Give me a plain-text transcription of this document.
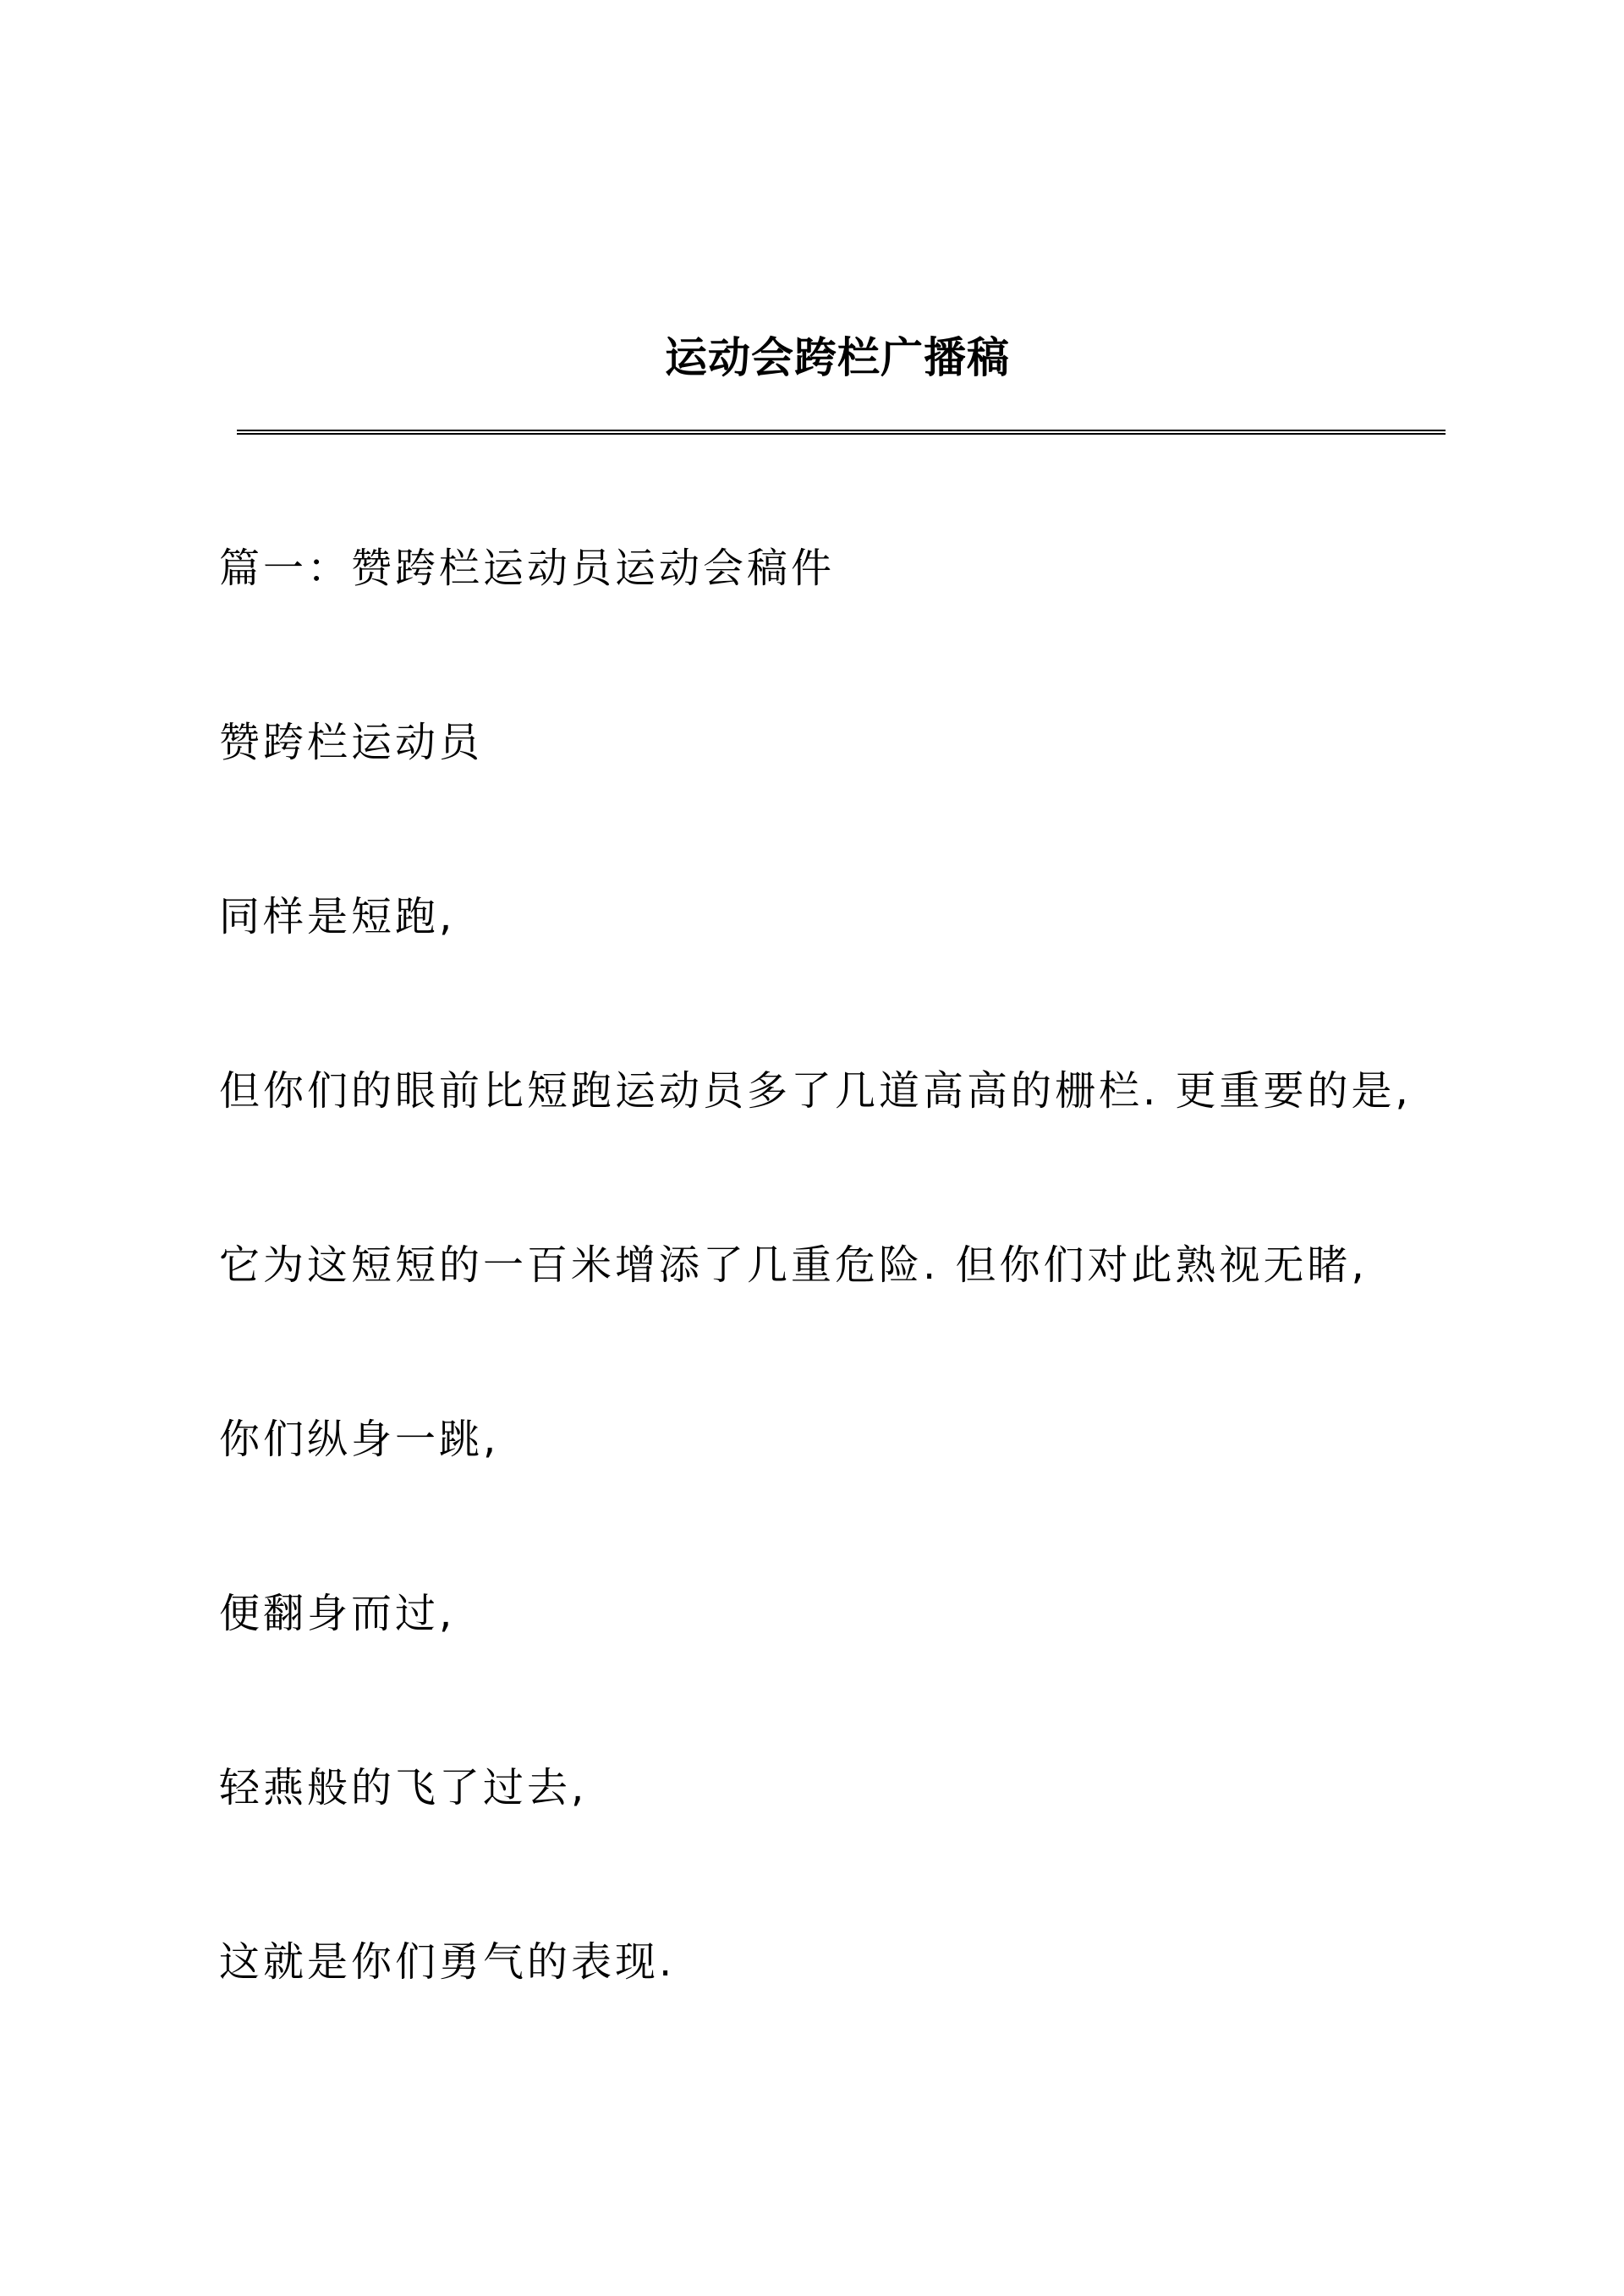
运动会跨栏广播稿

篇一：赞跨栏运动员运动会稿件

赞跨栏运动员

同样是短跑,

但你们的眼前比短跑运动员多了几道高高的栅栏. 更重要的是,

它为这短短的一百米增添了几重危险. 但你们对此熟视无睹,

你们纵身一跳,

便翻身而过,

轻燕般的飞了过去,

这就是你们勇气的表现.
